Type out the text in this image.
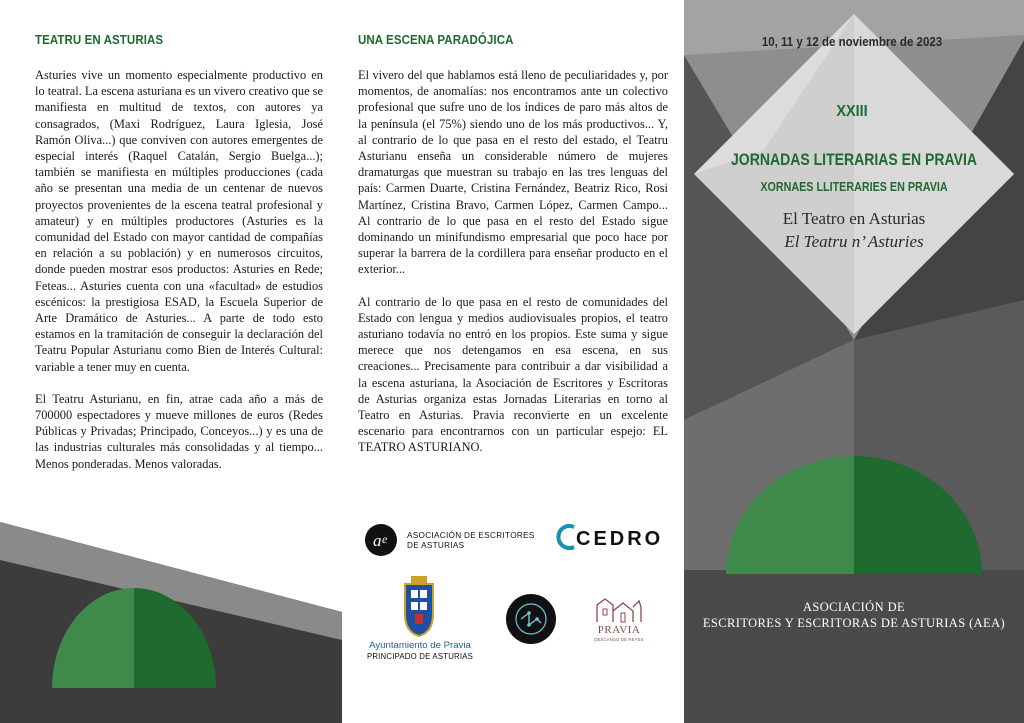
TEATRU EN ASTURIAS

Asturies vive un momento especialmente productivo en lo teatral. La escena asturiana es un vivero creativo que se manifiesta en multitud de textos, con autores ya consagrados, (Maxi Rodríguez, Laura Iglesia, José Ramón Oliva...) que conviven con autores emergentes de especial interés (Raquel Catalán, Sergio Buelga...); también se manifiesta en múltiples producciones (cada año se presentan una media de un centenar de nuevos proyectos provenientes de la escena teatral profesional y amateur) y en múltiples productores (Asturies es la comunidad del Estado con mayor cantidad de compañías en relación a su población) y en numerosos circuitos, donde pueden mostrar esos productos: Asturies en Rede; Feteas... Asturies cuenta con una «facultad» de estudios escénicos: la prestigiosa ESAD, la Escuela Superior de Arte Dramático de Asturies... A parte de todo esto estamos en la tramitación de conseguir la declaración del Teatru Popular Asturianu como Bien de Interés Cultural: variable a tener muy en cuenta.

El Teatru Asturianu, en fin, atrae cada año a más de 700000 espectadores y mueve millones de euros (Redes Públicas y Privadas; Principado, Conceyos...) y es una de las industrias culturales más consolidadas y al tiempo... Menos ponderadas. Menos valoradas.

UNA ESCENA PARADÓJICA

El vivero del que hablamos está lleno de peculiaridades y, por momentos, de anomalías: nos encontramos ante un colectivo profesional que sufre uno de los índices de paro más altos de la península (el 75%) siendo uno de los más productivos... Y, al contrario de lo que pasa en el resto del estado, el Teatru Asturianu enseña un considerable número de mujeres dramaturgas que muestran su trabajo en las tres lenguas del país: Carmen Duarte, Cristina Fernández, Beatriz Rico, Rosi Martínez, Cristina Bravo, Carmen López, Carmen Campo... Al contrario de lo que pasa en el resto del Estado sigue dominando un minifundismo empresarial que poco hace por superar la barrera de la cordillera para enseñar producto en el exterior...

Al contrario de lo que pasa en el resto de comunidades del Estado con lengua y medios audiovisuales propios, el teatro asturiano todavía no entró en los propios. Este suma y sigue merece que nos detengamos en esa escena, en sus creaciones... Precisamente para contribuir a dar visibilidad a la escena asturiana, la Asociación de Escritores y Escritoras de Asturias organiza estas Jornadas Literarias en torno al Teatro en Asturias. Pravia reconvierte en un excelente escenario para encontrarnos con un particular espejo: EL TEATRO ASTURIANO.

a e ASOCIACIÓN DE ESCRITORES
DE ASTURIAS	CEDRO
Ayuntamiento de Pravia
PRINCIPADO DE ASTURIAS
PRAVIA
DESCANSO DE REYES
10, 11 y 12 de noviembre de 2023
XXIII
JORNADAS LITERARIAS EN PRAVIA
XORNAES LLITERARIES EN PRAVIA
El Teatro en Asturias
El Teatru n’ Asturies
ASOCIACIÓN DE
ESCRITORES Y ESCRITORAS DE ASTURIAS (AEA)
